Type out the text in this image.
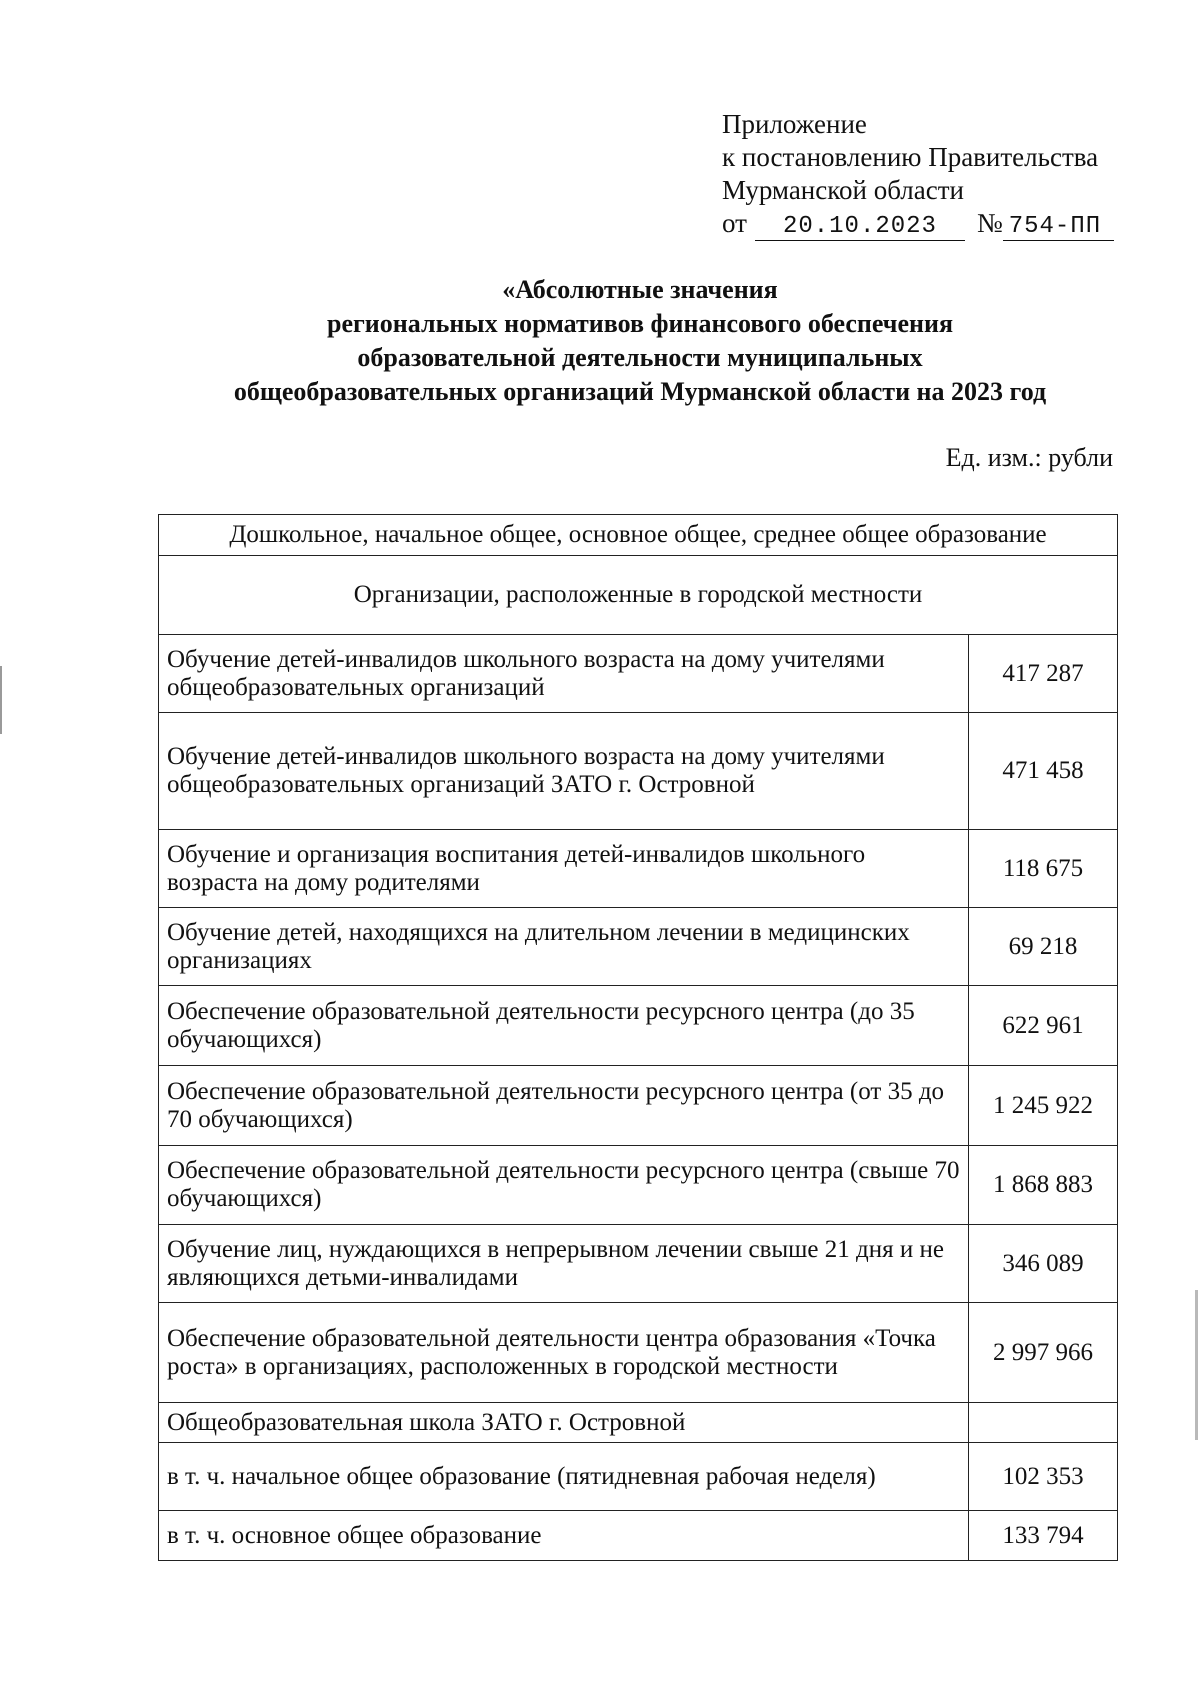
Приложение
к постановлению Правительства
Мурманской области
от	20.10.2023	№ 754-ПП
«Абсолютные значения
региональных нормативов финансового обеспечения
образовательной деятельности муниципальных
общеобразовательных организаций Мурманской области на 2023 год
Ед. изм.: рубли
Дошкольное, начальное общее, основное общее, среднее общее образование	
Организации, расположенные в городской местности	
Обучение детей-инвалидов школьного возраста на дому учителями общеобразовательных организаций	417 287
Обучение детей-инвалидов школьного возраста на дому учителями общеобразовательных организаций ЗАТО г. Островной	471 458
Обучение и организация воспитания детей-инвалидов школьного возраста на дому родителями	118 675
Обучение детей, находящихся на длительном лечении в медицинских организациях	69 218
Обеспечение образовательной деятельности ресурсного центра (до 35 обучающихся)	622 961
Обеспечение образовательной деятельности ресурсного центра (от 35 до 70 обучающихся)	1 245 922
Обеспечение образовательной деятельности ресурсного центра (свыше 70 обучающихся)	1 868 883
Обучение лиц, нуждающихся в непрерывном лечении свыше 21 дня и не являющихся детьми-инвалидами	346 089
Обеспечение образовательной деятельности центра образования «Точка роста» в организациях, расположенных в городской местности	2 997 966
Общеобразовательная школа ЗАТО г. Островной	
в т. ч. начальное общее образование (пятидневная рабочая неделя)	102 353
в т. ч. основное общее образование	133 794
